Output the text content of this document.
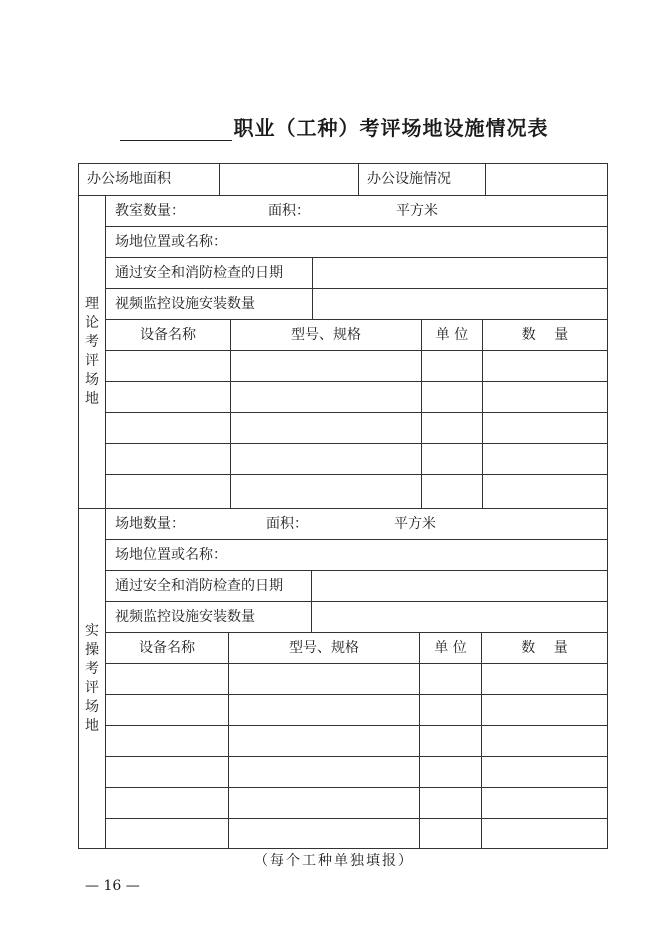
职业（工种）考评场地设施情况表
办公场地面积	办公设施情况
理
论
考
评
场
地
教室数量：	面积：	平方米
场地位置或名称：
通过安全和消防检查的日期
视频监控设施安装数量
设备名称	型号、规格	单 位	数　 量
实
操
考
评
场
地
场地数量：	面积：	平方米
场地位置或名称：
通过安全和消防检查的日期
视频监控设施安装数量
设备名称	型号、规格	单 位	数　 量
（每个工种单独填报）
— 16 —
